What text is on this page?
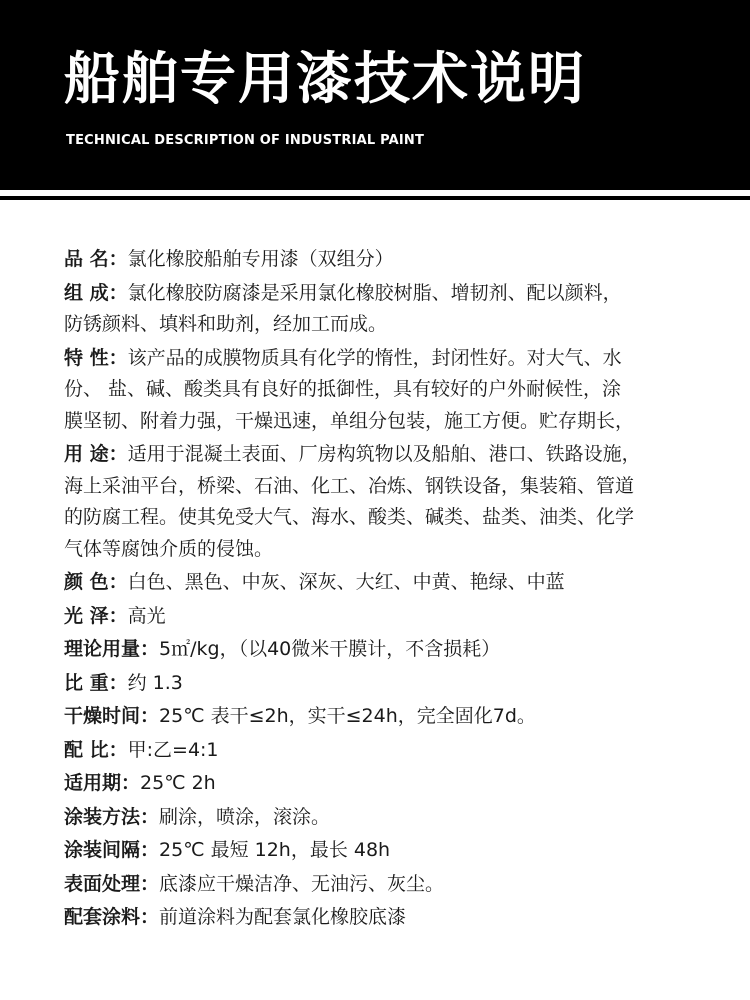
船舶专用漆技术说明
TECHNICAL DESCRIPTION OF INDUSTRIAL PAINT
品 名：氯化橡胶船舶专用漆（双组分）
组 成：氯化橡胶防腐漆是采用氯化橡胶树脂、增韧剂、配以颜料，
防锈颜料、填料和助剂，经加工而成。
特 性：该产品的成膜物质具有化学的惰性，封闭性好。对大气、水
份、 盐、碱、酸类具有良好的抵御性，具有较好的户外耐候性，涂
膜坚韧、附着力强，干燥迅速，单组分包装，施工方便。贮存期长，
用 途：适用于混凝土表面、厂房构筑物以及船舶、港口、铁路设施，
海上采油平台，桥梁、石油、化工、冶炼、钢铁设备，集装箱、管道
的防腐工程。使其免受大气、海水、酸类、碱类、盐类、油类、化学
气体等腐蚀介质的侵蚀。
颜 色：白色、黑色、中灰、深灰、大红、中黄、艳绿、中蓝
光 泽：高光
理论用量：5㎡/kg，（以40微米干膜计，不含损耗）
比 重：约 1.3
干燥时间：25℃ 表干≤2h，实干≤24h，完全固化7d。
配 比：甲:乙=4:1
适用期：25℃ 2h
涂装方法：刷涂，喷涂，滚涂。
涂装间隔：25℃ 最短 12h，最长 48h
表面处理：底漆应干燥洁净、无油污、灰尘。
配套涂料：前道涂料为配套氯化橡胶底漆
